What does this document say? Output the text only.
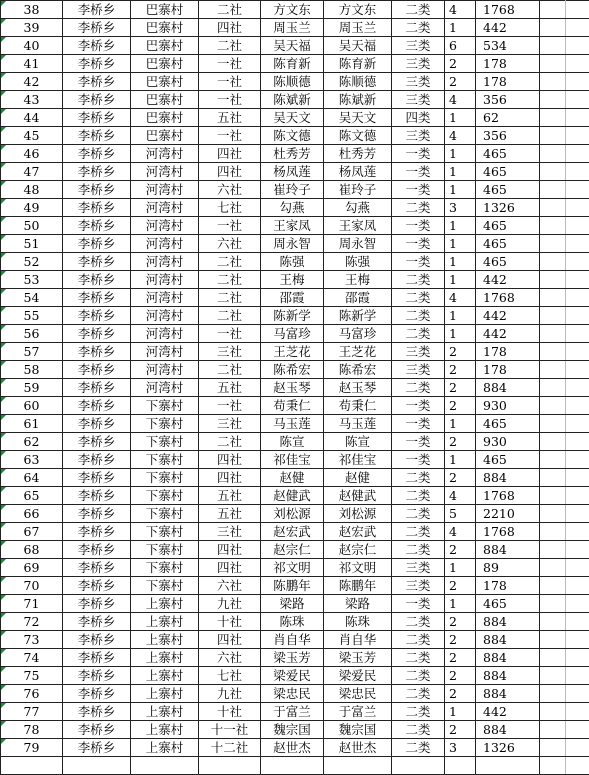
38	李桥乡	巴寨村	二社	方文东	方文东	二类	4	1768		
39	李桥乡	巴寨村	四社	周玉兰	周玉兰	二类	1	442		
40	李桥乡	巴寨村	二社	吴天福	吴天福	三类	6	534		
41	李桥乡	巴寨村	一社	陈育新	陈育新	三类	2	178		
42	李桥乡	巴寨村	一社	陈顺德	陈顺德	三类	2	178		
43	李桥乡	巴寨村	一社	陈斌新	陈斌新	三类	4	356		
44	李桥乡	巴寨村	五社	吴天文	吴天文	四类	1	62		
45	李桥乡	巴寨村	一社	陈文德	陈文德	三类	4	356		
46	李桥乡	河湾村	四社	杜秀芳	杜秀芳	一类	1	465		
47	李桥乡	河湾村	四社	杨凤莲	杨凤莲	一类	1	465		
48	李桥乡	河湾村	六社	崔玲子	崔玲子	一类	1	465		
49	李桥乡	河湾村	七社	勾燕	勾燕	二类	3	1326		
50	李桥乡	河湾村	一社	王家凤	王家凤	一类	1	465		
51	李桥乡	河湾村	六社	周永智	周永智	一类	1	465		
52	李桥乡	河湾村	二社	陈强	陈强	一类	1	465		
53	李桥乡	河湾村	二社	王梅	王梅	二类	1	442		
54	李桥乡	河湾村	二社	邵霞	邵霞	二类	4	1768		
55	李桥乡	河湾村	二社	陈新学	陈新学	二类	1	442		
56	李桥乡	河湾村	一社	马富珍	马富珍	二类	1	442		
57	李桥乡	河湾村	三社	王芝花	王芝花	三类	2	178		
58	李桥乡	河湾村	二社	陈希宏	陈希宏	三类	2	178		
59	李桥乡	河湾村	五社	赵玉琴	赵玉琴	二类	2	884		
60	李桥乡	下寨村	一社	苟秉仁	苟秉仁	一类	2	930		
61	李桥乡	下寨村	三社	马玉莲	马玉莲	一类	1	465		
62	李桥乡	下寨村	二社	陈宣	陈宣	一类	2	930		
63	李桥乡	下寨村	四社	祁佳宝	祁佳宝	一类	1	465		
64	李桥乡	下寨村	四社	赵健	赵健	二类	2	884		
65	李桥乡	下寨村	五社	赵健武	赵健武	二类	4	1768		
66	李桥乡	下寨村	五社	刘松源	刘松源	二类	5	2210		
67	李桥乡	下寨村	三社	赵宏武	赵宏武	二类	4	1768		
68	李桥乡	下寨村	四社	赵宗仁	赵宗仁	二类	2	884		
69	李桥乡	下寨村	四社	祁文明	祁文明	三类	1	89		
70	李桥乡	下寨村	六社	陈鹏年	陈鹏年	三类	2	178		
71	李桥乡	上寨村	九社	梁路	梁路	一类	1	465		
72	李桥乡	上寨村	十社	陈珠	陈珠	二类	2	884		
73	李桥乡	上寨村	四社	肖自华	肖自华	二类	2	884		
74	李桥乡	上寨村	六社	梁玉芳	梁玉芳	二类	2	884		
75	李桥乡	上寨村	七社	梁爱民	梁爱民	二类	2	884		
76	李桥乡	上寨村	九社	梁忠民	梁忠民	二类	2	884		
77	李桥乡	上寨村	十社	于富兰	于富兰	二类	1	442		
78	李桥乡	上寨村	十一社	魏宗国	魏宗国	二类	2	884		
79	李桥乡	上寨村	十二社	赵世杰	赵世杰	二类	3	1326		
